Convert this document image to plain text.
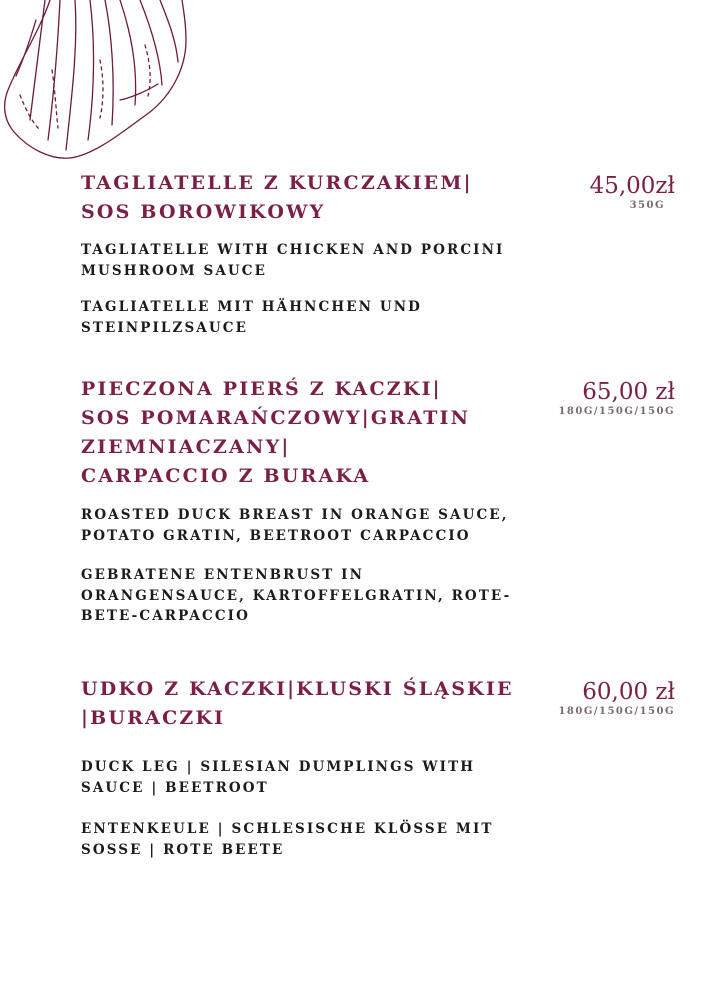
TAGLIATELLE Z KURCZAKIEM|
SOS BOROWIKOWY
45,00zł
350G
TAGLIATELLE WITH CHICKEN AND PORCINI
MUSHROOM SAUCE
TAGLIATELLE MIT HÄHNCHEN UND
STEINPILZSAUCE
PIECZONA PIERŚ Z KACZKI|
SOS POMARAŃCZOWY|GRATIN
ZIEMNIACZANY|
CARPACCIO Z BURAKA
65,00 zł
180G/150G/150G
ROASTED DUCK BREAST IN ORANGE SAUCE,
POTATO GRATIN, BEETROOT CARPACCIO
GEBRATENE ENTENBRUST IN
ORANGENSAUCE, KARTOFFELGRATIN, ROTE-
BETE-CARPACCIO
UDKO Z KACZKI|KLUSKI ŚLĄSKIE
|BURACZKI
60,00 zł
180G/150G/150G
DUCK LEG | SILESIAN DUMPLINGS WITH
SAUCE | BEETROOT
ENTENKEULE | SCHLESISCHE KLÖSSE MIT
SOSSE | ROTE BEETE
